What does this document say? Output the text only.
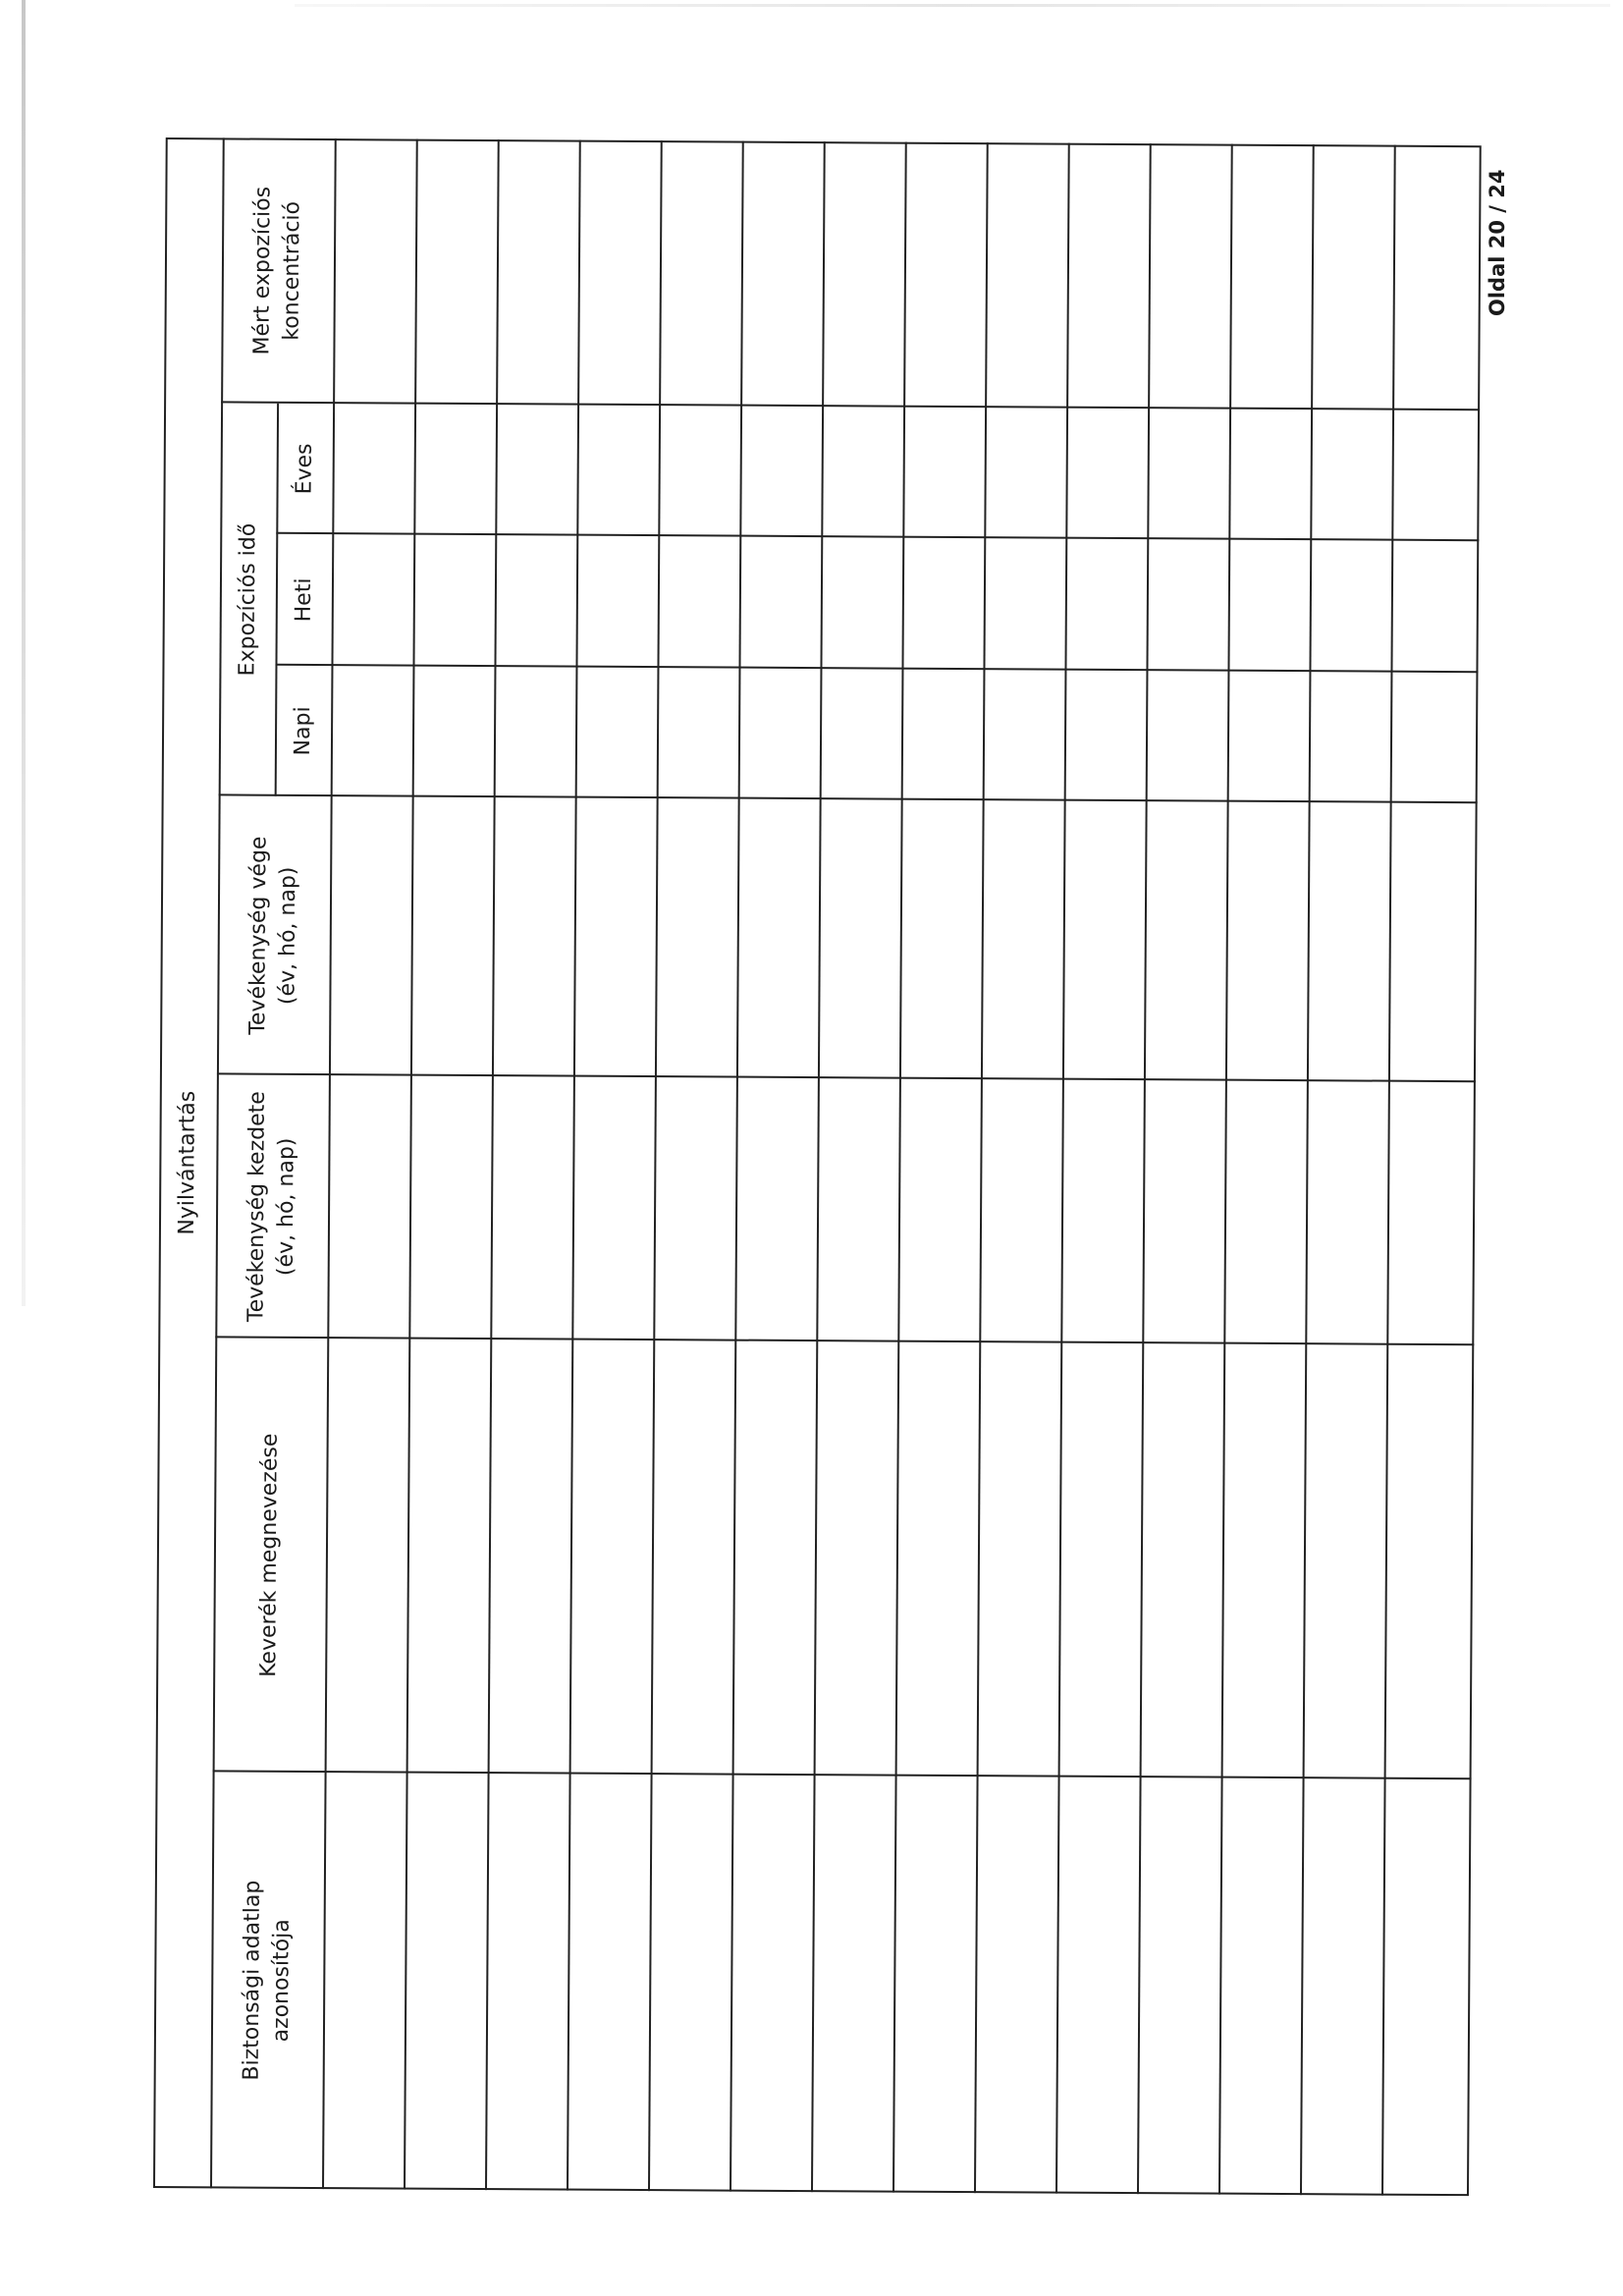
Nyilvántartás
Biztonsági adatlap
azonosítója
Keverék megnevezése
Tevékenység kezdete
(év, hó, nap)
Tevékenység vége
(év, hó, nap)
Expozíciós idő
Napi
Heti
Éves
Mért expozíciós
koncentráció	Oldal 20 / 24
